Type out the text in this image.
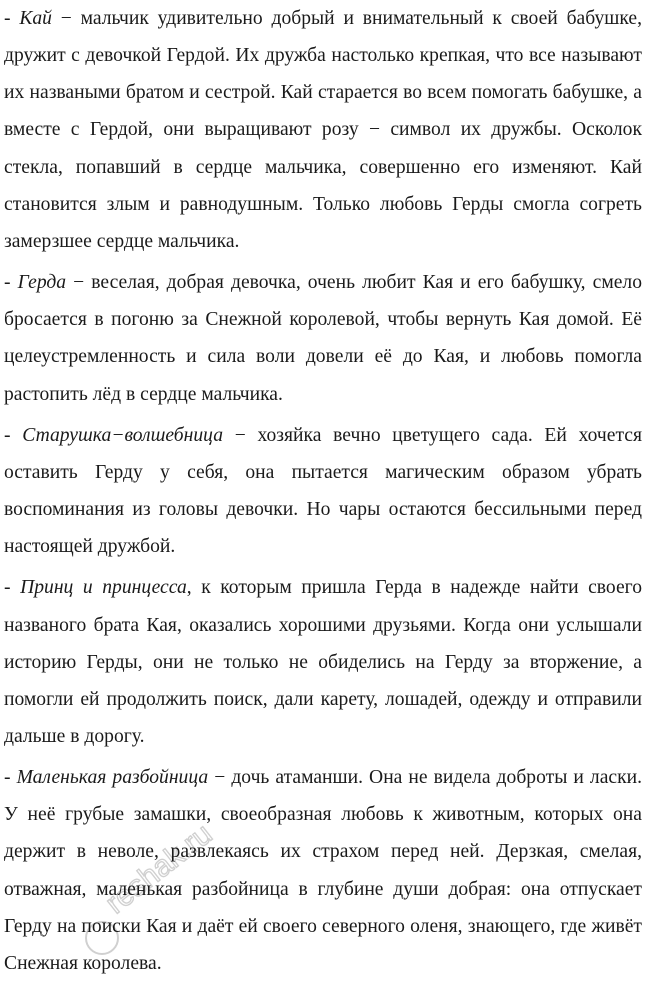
- Кай − мальчик удивительно добрый и внимательный к своей бабушке, дружит с девочкой Гердой. Их дружба настолько крепкая, что все называют их назваными братом и сестрой. Кай старается во всем помогать бабушке, а вместе с Гердой, они выращивают розу − символ их дружбы. Осколок стекла, попавший в сердце мальчика, совершенно его изменяют. Кай становится злым и равнодушным. Только любовь Герды смогла согреть замерзшее сердце мальчика.

- Герда − веселая, добрая девочка, очень любит Кая и его бабушку, смело бросается в погоню за Снежной королевой, чтобы вернуть Кая домой. Её целеустремленность и сила воли довели её до Кая, и любовь помогла растопить лёд в сердце мальчика.

- Старушка−волшебница − хозяйка вечно цветущего сада. Ей хочется оставить Герду у себя, она пытается магическим образом убрать воспоминания из головы девочки. Но чары остаются бессильными перед настоящей дружбой.

- Принц и принцесса, к которым пришла Герда в надежде найти своего названого брата Кая, оказались хорошими друзьями. Когда они услышали историю Герды, они не только не обиделись на Герду за вторжение, а помогли ей продолжить поиск, дали карету, лошадей, одежду и отправили дальше в дорогу.

- Маленькая разбойница − дочь атаманши. Она не видела доброты и ласки. У неё грубые замашки, своеобразная любовь к животным, которых она держит в неволе, развлекаясь их страхом перед ней. Дерзкая, смелая, отважная, маленькая разбойница в глубине души добрая: она отпускает Герду на поиски Кая и даёт ей своего северного оленя, знающего, где живёт Снежная королева.

reshak.ru
